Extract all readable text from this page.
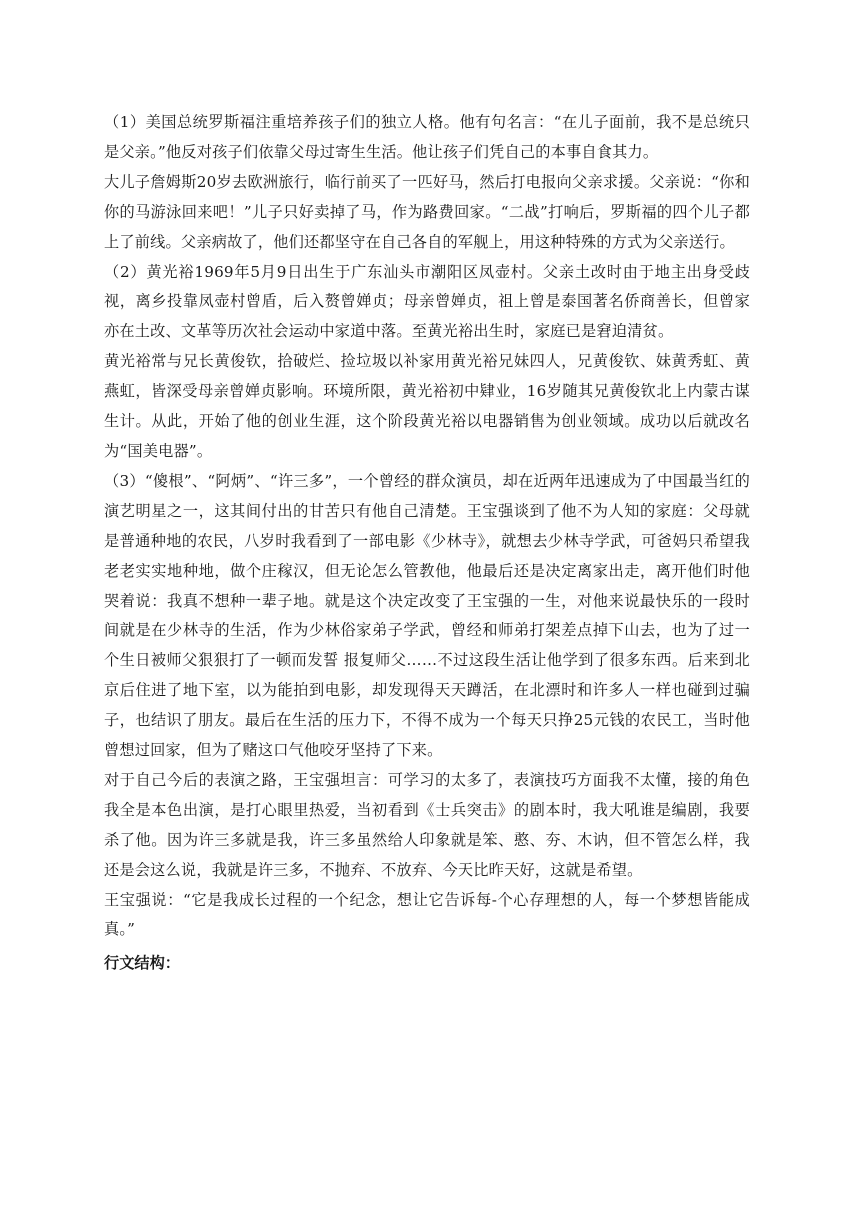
（1）美国总统罗斯福注重培养孩子们的独立人格。他有句名言：“在儿子面前，我不是总统只是父亲。”他反对孩子们依靠父母过寄生生活。他让孩子们凭自己的本事自食其力。

大儿子詹姆斯20岁去欧洲旅行，临行前买了一匹好马，然后打电报向父亲求援。父亲说：“你和你的马游泳回来吧！”儿子只好卖掉了马，作为路费回家。“二战”打响后，罗斯福的四个儿子都上了前线。父亲病故了，他们还都坚守在自己各自的军舰上，用这种特殊的方式为父亲送行。

（2）黄光裕1969年5月9日出生于广东汕头市潮阳区凤壶村。父亲土改时由于地主出身受歧视，离乡投靠凤壶村曾盾，后入赘曾婵贞；母亲曾婵贞，祖上曾是泰国著名侨商善长，但曾家亦在土改、文革等历次社会运动中家道中落。至黄光裕出生时，家庭已是窘迫清贫。

黄光裕常与兄长黄俊钦，拾破烂、捡垃圾以补家用黄光裕兄妹四人，兄黄俊钦、妹黄秀虹、黄燕虹，皆深受母亲曾婵贞影响。环境所限，黄光裕初中肄业，16岁随其兄黄俊钦北上内蒙古谋生计。从此，开始了他的创业生涯，这个阶段黄光裕以电器销售为创业领域。成功以后就改名为“国美电器”。

（3）“傻根”、“阿炳”、“许三多”，一个曾经的群众演员，却在近两年迅速成为了中国最当红的演艺明星之一，这其间付出的甘苦只有他自己清楚。王宝强谈到了他不为人知的家庭：父母就是普通种地的农民，八岁时我看到了一部电影《少林寺》，就想去少林寺学武，可爸妈只希望我老老实实地种地，做个庄稼汉，但无论怎么管教他，他最后还是决定离家出走，离开他们时他哭着说：我真不想种一辈子地。就是这个决定改变了王宝强的一生，对他来说最快乐的一段时间就是在少林寺的生活，作为少林俗家弟子学武，曾经和师弟打架差点掉下山去，也为了过一个生日被师父狠狠打了一顿而发誓 报复师父……不过这段生活让他学到了很多东西。后来到北京后住进了地下室，以为能拍到电影，却发现得天天蹲活，在北漂时和许多人一样也碰到过骗子，也结识了朋友。最后在生活的压力下，不得不成为一个每天只挣25元钱的农民工，当时他曾想过回家，但为了赌这口气他咬牙坚持了下来。

对于自己今后的表演之路，王宝强坦言：可学习的太多了，表演技巧方面我不太懂，接的角色我全是本色出演，是打心眼里热爱，当初看到《士兵突击》的剧本时，我大吼谁是编剧，我要杀了他。因为许三多就是我，许三多虽然给人印象就是笨、憨、夯、木讷，但不管怎么样，我还是会这么说，我就是许三多，不抛弃、不放弃、今天比昨天好，这就是希望。

王宝强说：“它是我成长过程的一个纪念，想让它告诉每-个心存理想的人，每一个梦想皆能成真。”

行文结构：
